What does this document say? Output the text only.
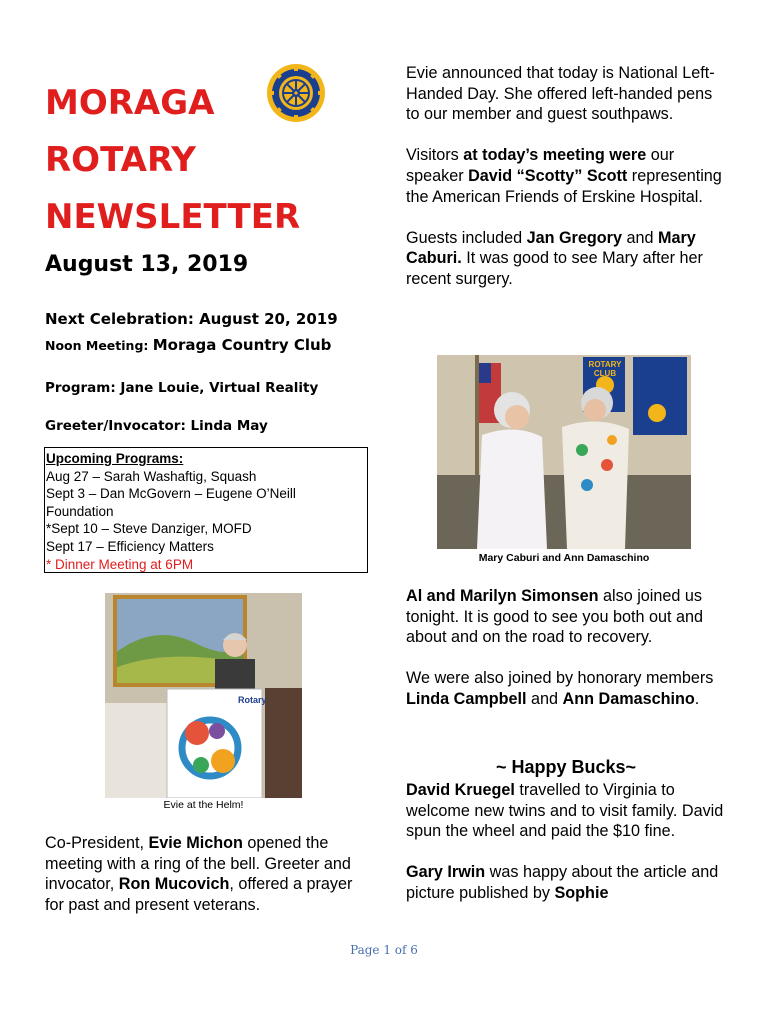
MORAGA
ROTARY
NEWSLETTER
August 13, 2019
Next Celebration: August 20, 2019
Noon Meeting: Moraga Country Club
Program: Jane Louie, Virtual Reality
Greeter/Invocator: Linda May
Upcoming Programs:
Aug 27 – Sarah Washaftig, Squash
Sept 3 – Dan McGovern – Eugene O’Neill Foundation
*Sept 10 – Steve Danziger, MOFD
Sept 17 – Efficiency Matters
* Dinner Meeting at 6PM
Rotary
Evie at the Helm!

Co-President, Evie Michon opened the meeting with a ring of the bell. Greeter and invocator, Ron Mucovich, offered a prayer for past and present veterans.

Evie announced that today is National Left-Handed Day. She offered left-handed pens to our member and guest southpaws.

Visitors at today’s meeting were our speaker David “Scotty” Scott representing the American Friends of Erskine Hospital.

Guests included Jan Gregory and Mary Caburi. It was good to see Mary after her recent surgery.

ROTARY CLUB
Mary Caburi and Ann Damaschino

Al and Marilyn Simonsen also joined us tonight. It is good to see you both out and about and on the road to recovery.

We were also joined by honorary members Linda Campbell and Ann Damaschino.

~ Happy Bucks~

David Kruegel travelled to Virginia to welcome new twins and to visit family. David spun the wheel and paid the $10 fine.

Gary Irwin was happy about the article and picture published by Sophie

Page 1 of 6
